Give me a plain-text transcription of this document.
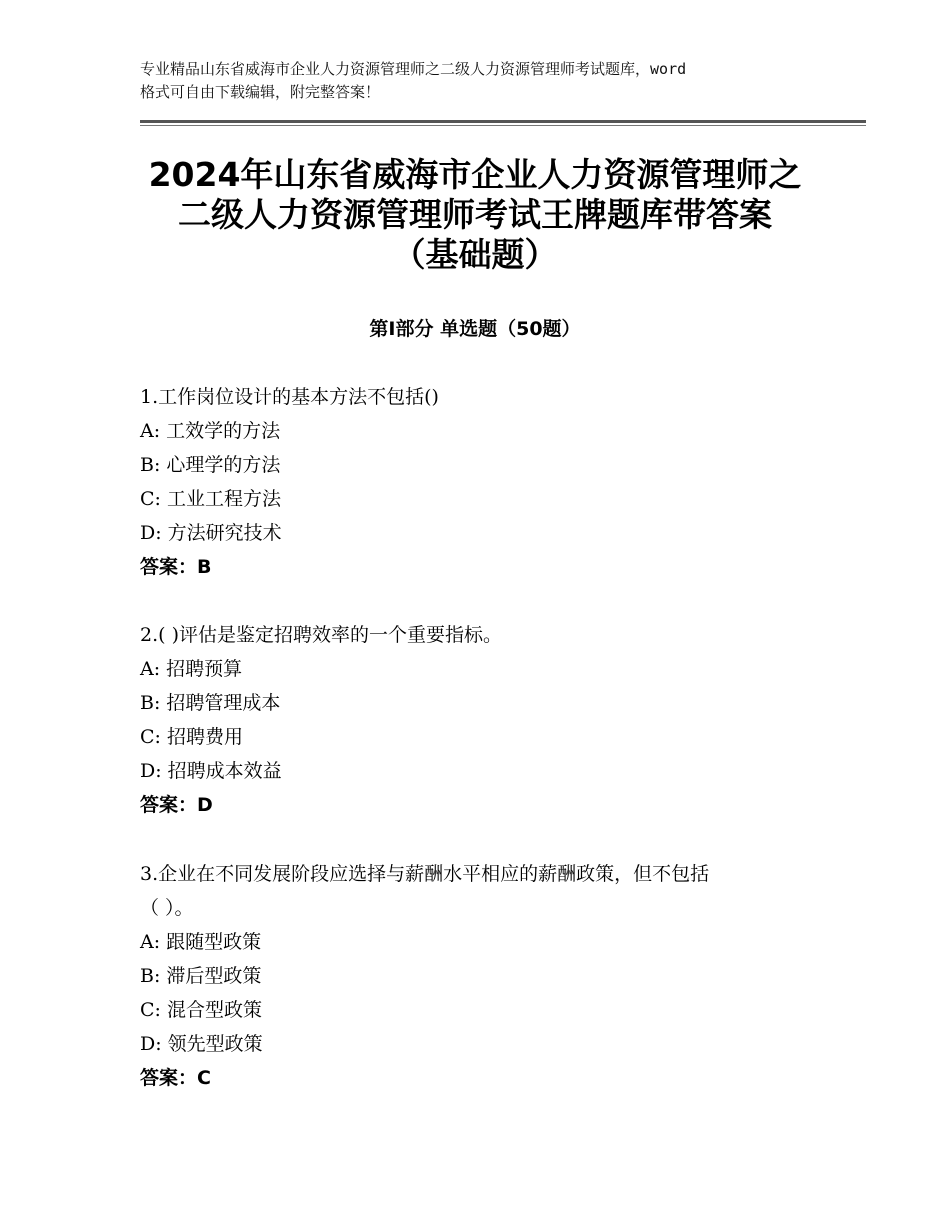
专业精品山东省威海市企业人力资源管理师之二级人力资源管理师考试题库，word
格式可自由下载编辑，附完整答案！
2024年山东省威海市企业人力资源管理师之
二级人力资源管理师考试王牌题库带答案
（基础题）
第Ⅰ部分 单选题（50题）
1.工作岗位设计的基本方法不包括()
A: 工效学的方法
B: 心理学的方法
C: 工业工程方法
D: 方法研究技术
答案：B
2.( )评估是鉴定招聘效率的一个重要指标。
A: 招聘预算
B: 招聘管理成本
C: 招聘费用
D: 招聘成本效益
答案：D
3.企业在不同发展阶段应选择与薪酬水平相应的薪酬政策，但不包括
（ ）。
A: 跟随型政策
B: 滞后型政策
C: 混合型政策
D: 领先型政策
答案：C
